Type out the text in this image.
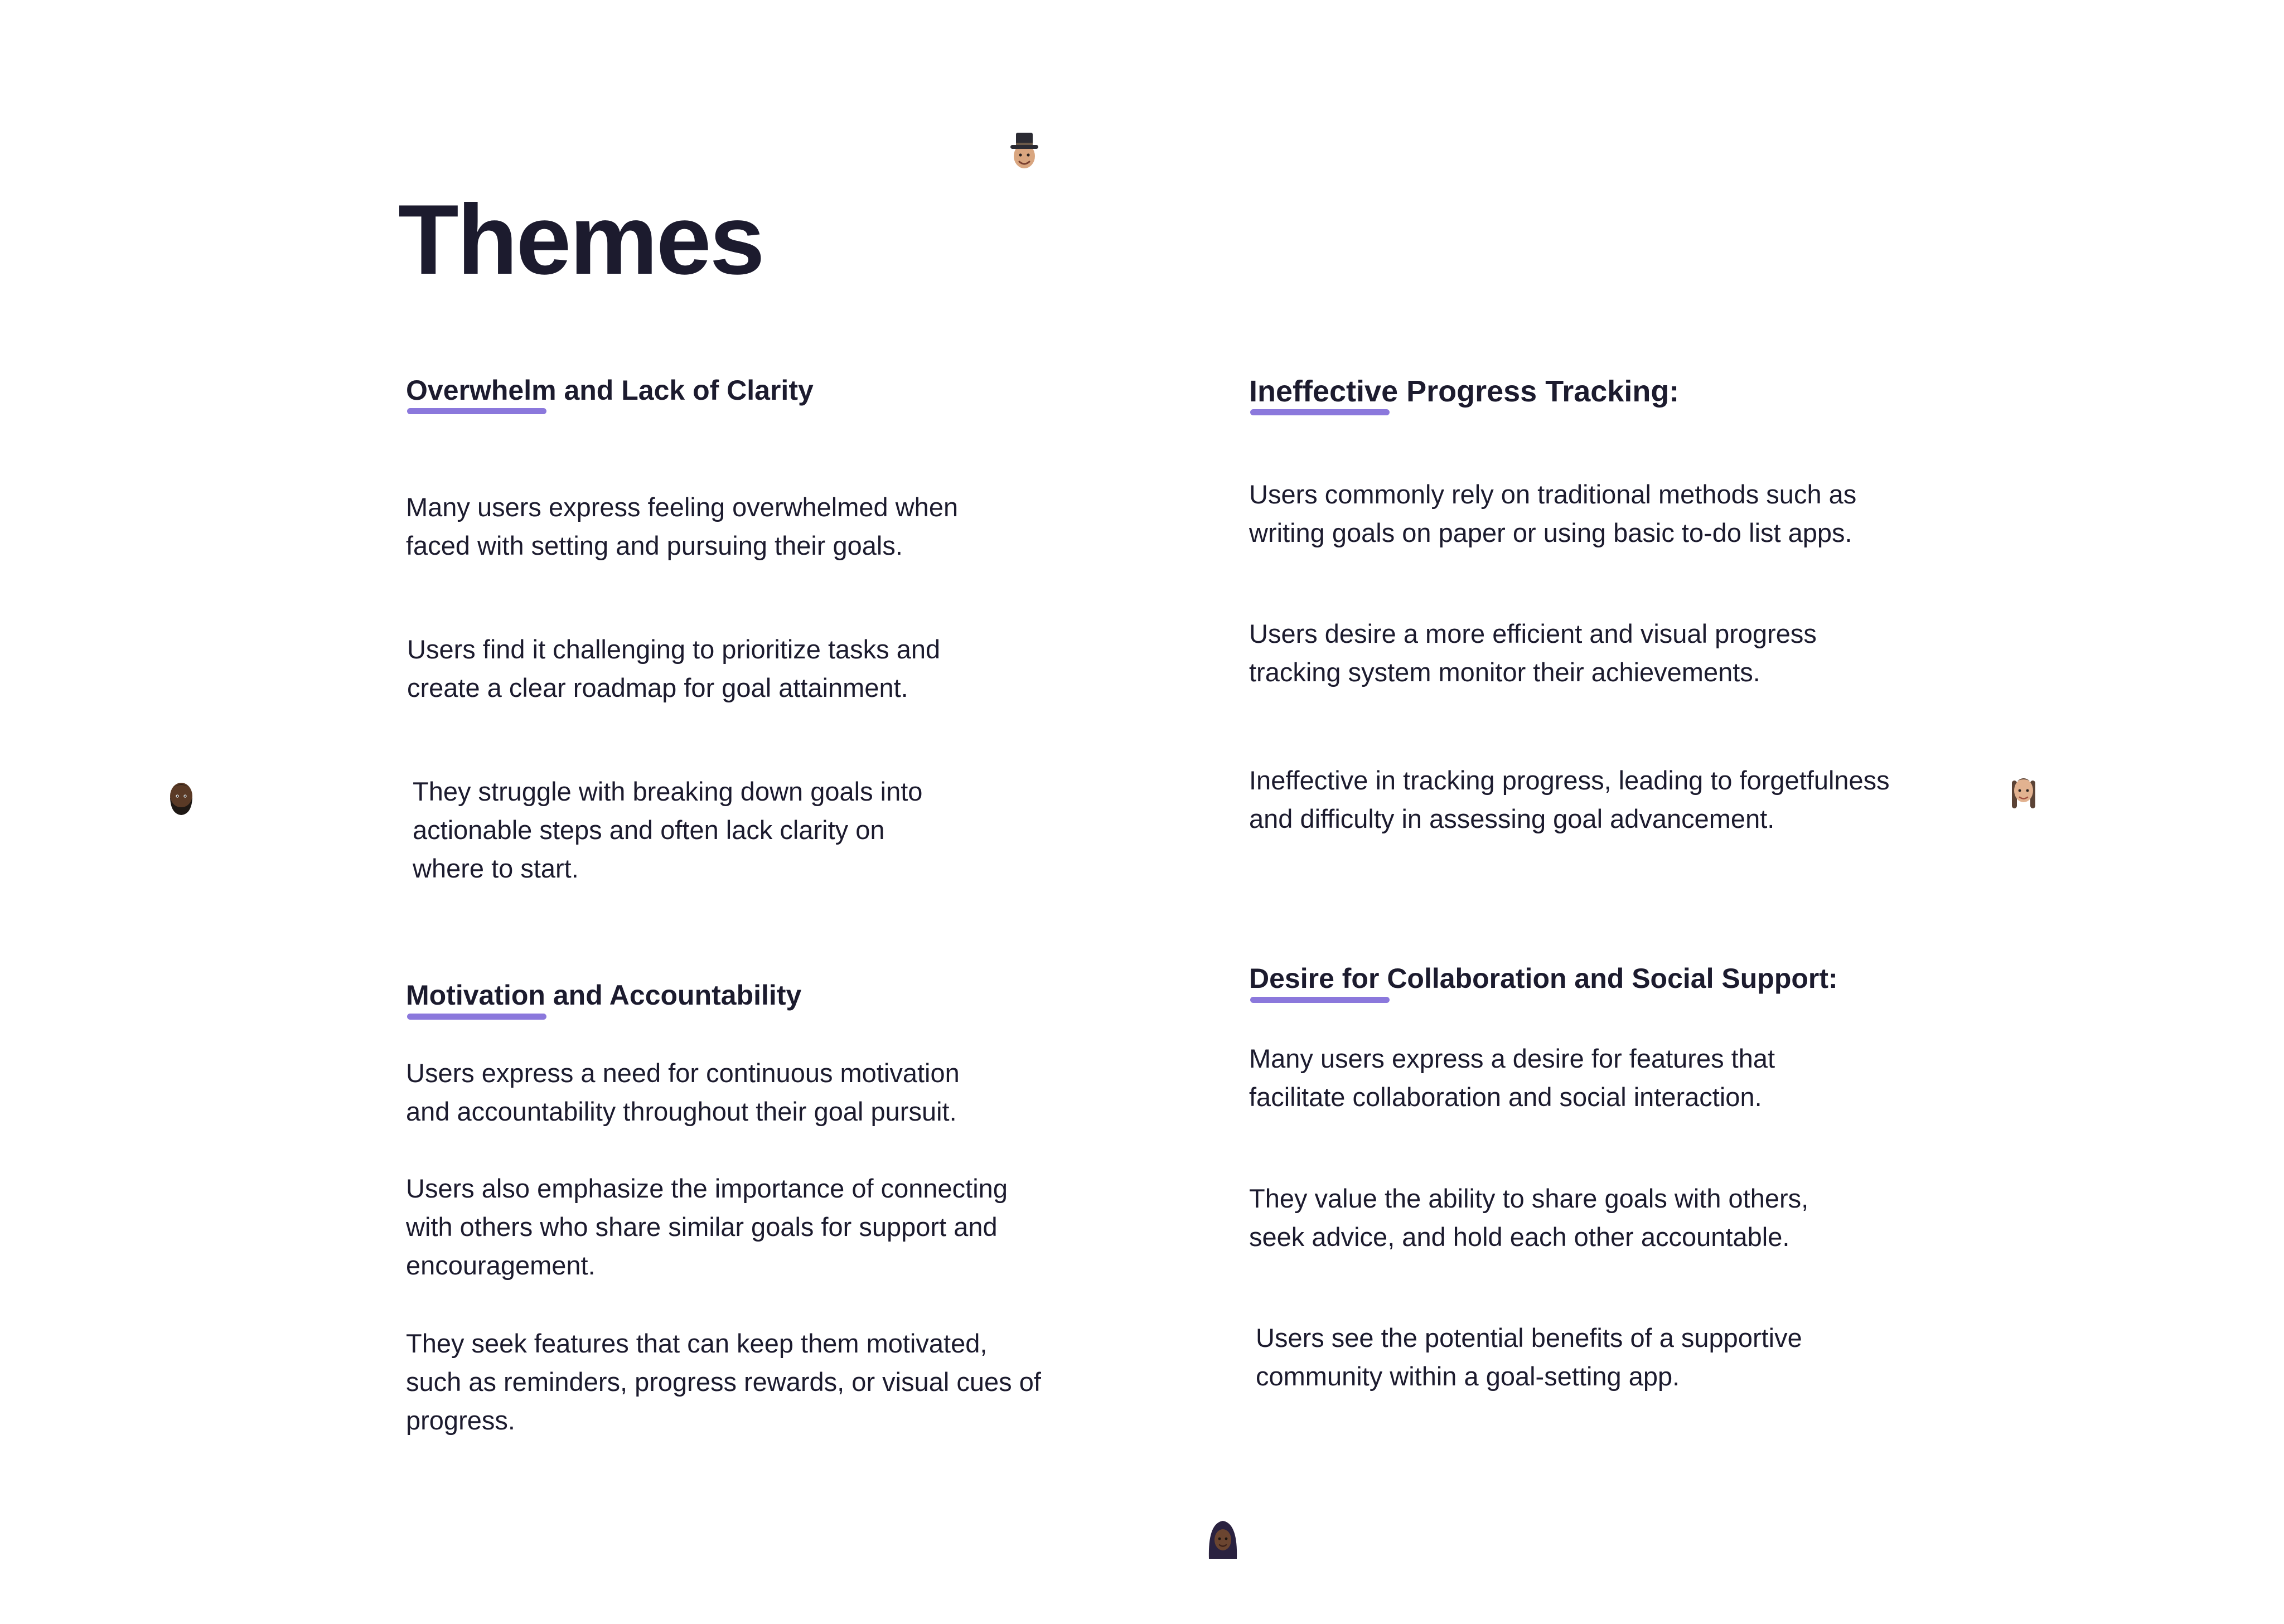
Themes
Overwhelm and Lack of Clarity

Many users express feeling overwhelmed when faced with setting and pursuing their goals.

Users find it challenging to prioritize tasks and create a clear roadmap for goal attainment.

They struggle with breaking down goals into actionable steps and often lack clarity on where to start.

Ineffective Progress Tracking:

Users commonly rely on traditional methods such as writing goals on paper or using basic to-do list apps.

Users desire a more efficient and visual progress tracking system monitor their achievements.

Ineffective in tracking progress, leading to forgetfulness and difficulty in assessing goal advancement.

Motivation and Accountability

Users express a need for continuous motivation and accountability throughout their goal pursuit.

Users also emphasize the importance of connecting with others who share similar goals for support and encouragement.

They seek features that can keep them motivated, such as reminders, progress rewards, or visual cues of progress.

Desire for Collaboration and Social Support:

Many users express a desire for features that facilitate collaboration and social interaction.

They value the ability to share goals with others, seek advice, and hold each other accountable.

Users see the potential benefits of a supportive community within a goal-setting app.
